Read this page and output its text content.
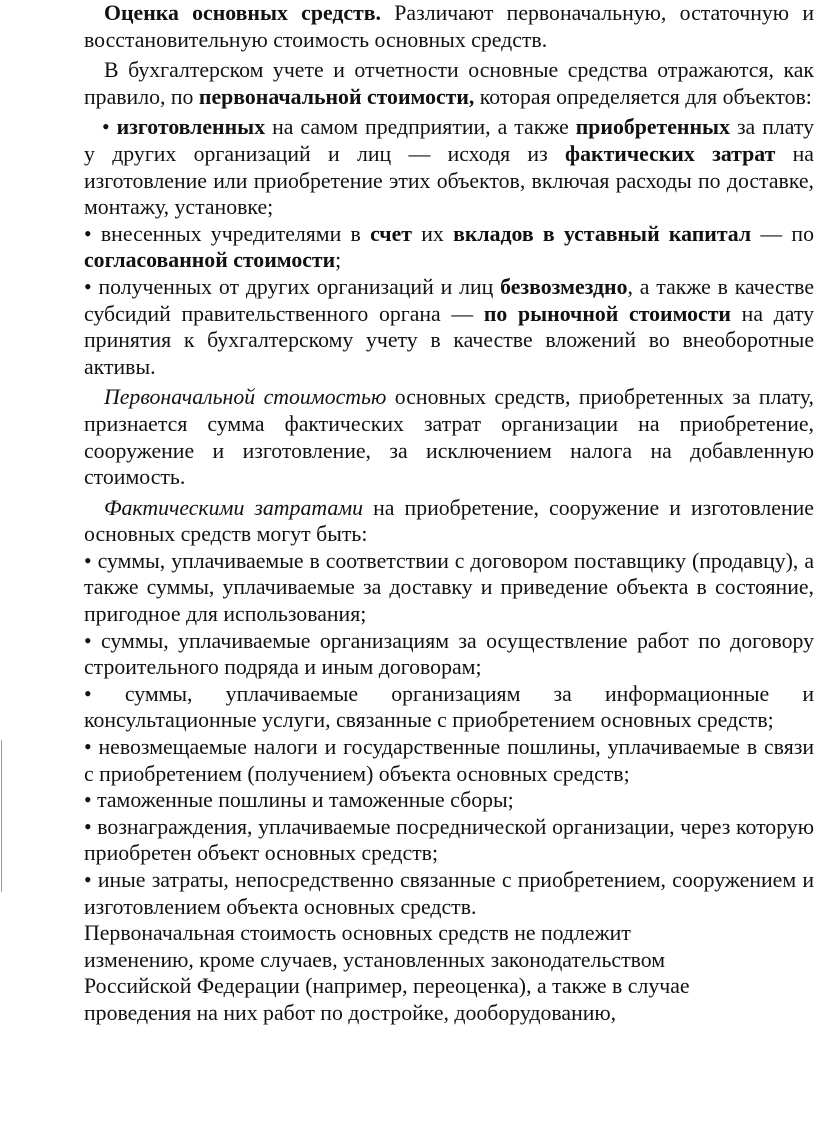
Оценка основных средств. Различают первоначальную, остаточную и восстановительную стоимость основных средств.

В бухгалтерском учете и отчетности основные средства отражаются, как правило, по первоначальной стоимости, которая определяется для объектов:

• изготовленных на самом предприятии, а также приобретенных за плату у других организаций и лиц — исходя из фактических затрат на изготовление или приобретение этих объектов, включая расходы по доставке, монтажу, установке;

• внесенных учредителями в счет их вкладов в уставный капитал — по согласованной стоимости;

• полученных от других организаций и лиц безвозмездно, а также в качестве субсидий правительственного органа — по рыночной стоимости на дату принятия к бухгалтерскому учету в качестве вложений во внеоборотные активы.

Первоначальной стоимостью основных средств, приобретенных за плату, признается сумма фактических затрат организации на приобретение, сооружение и изготовление, за исключением налога на добавленную стоимость.

Фактическими затратами на приобретение, сооружение и изготовление основных средств могут быть:

• суммы, уплачиваемые в соответствии с договором поставщику (продавцу), а также суммы, уплачиваемые за доставку и приведение объекта в состояние, пригодное для использования;

• суммы, уплачиваемые организациям за осуществление работ по договору строительного подряда и иным договорам;

• суммы, уплачиваемые организациям за информационные и консультационные услуги, связанные с приобретением основных средств;

• невозмещаемые налоги и государственные пошлины, уплачиваемые в связи с приобретением (получением) объекта основных средств;

• таможенные пошлины и таможенные сборы;

• вознаграждения, уплачиваемые посреднической организации, через которую приобретен объект основных средств;

• иные затраты, непосредственно связанные с приобретением, сооружением и изготовлением объекта основных средств.

Первоначальная стоимость основных средств не подлежит

изменению, кроме случаев, установленных законодательством

Российской Федерации (например, переоценка), а также в случае

проведения на них работ по достройке, дооборудованию,
